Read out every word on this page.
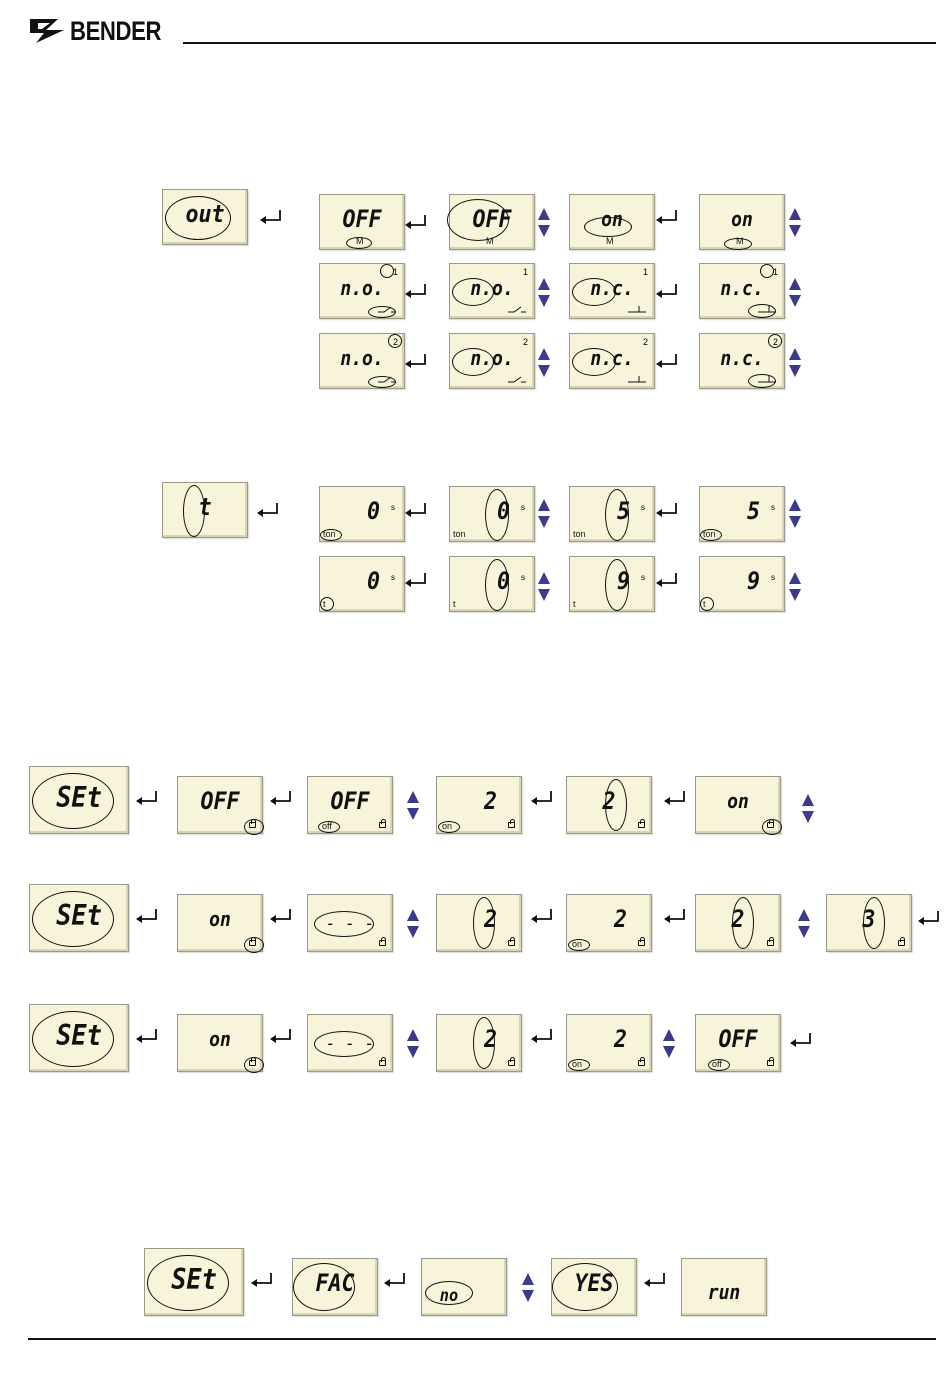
BENDER
out	OFF
M
OFF
M
on
M
on
M
n.o.
1
n.o.
1
n.c.
1
n.c.
1
n.o.
2
n.o.
2
n.c.
2
n.c.
2
t	0	s
ton
0	s
ton
5	s
ton
5	s
ton
0	s
t
0	s
t
9	s
t
9	s
t
SEt	OFF	OFF
off
2
on
2	on
SEt	on	- - -	2	2
on
2	3
SEt	on	- - -	2	2
on
OFF
off
SEt	FAC	no	YES	run
